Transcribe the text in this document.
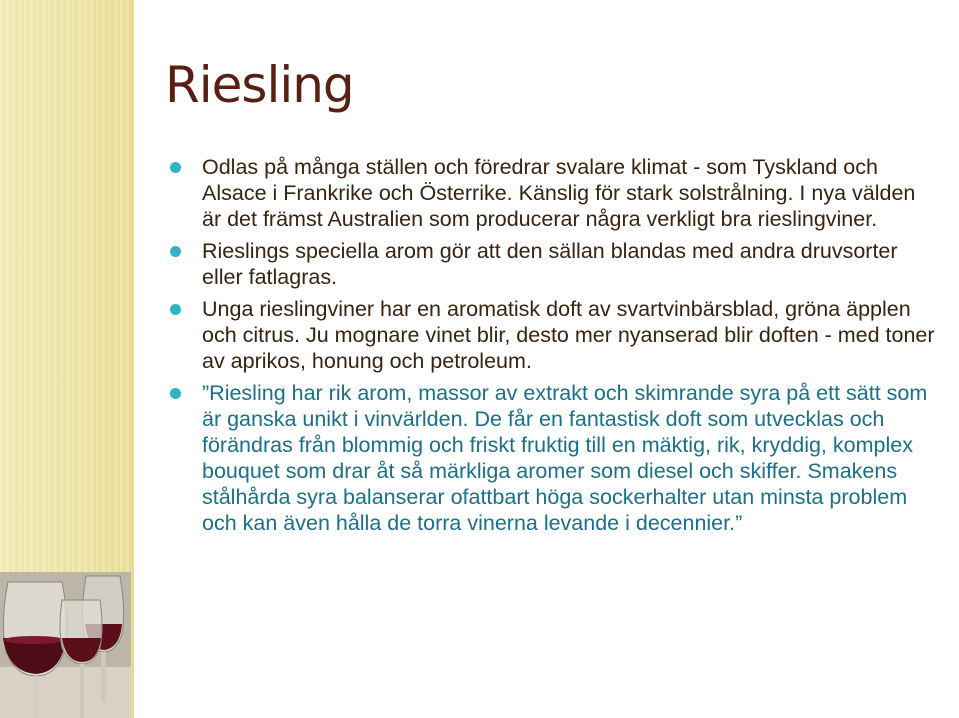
Riesling
Odlas på många ställen och föredrar svalare klimat - som Tyskland och Alsace i Frankrike och Österrike. Känslig för stark solstrålning. I nya välden är det främst Australien som producerar några verkligt bra rieslingviner.
Rieslings speciella arom gör att den sällan blandas med andra druvsorter eller fatlagras.
Unga rieslingviner har en aromatisk doft av svartvinbärsblad, gröna äpplen och citrus. Ju mognare vinet blir, desto mer nyanserad blir doften - med toner av aprikos, honung och petroleum.
”Riesling har rik arom, massor av extrakt och skimrande syra på ett sätt som är ganska unikt i vinvärlden. De får en fantastisk doft som utvecklas och förändras från blommig och friskt fruktig till en mäktig, rik, kryddig, komplex bouquet som drar åt så märkliga aromer som diesel och skiffer. Smakens stålhårda syra balanserar ofattbart höga sockerhalter utan minsta problem och kan även hålla de torra vinerna levande i decennier.”
